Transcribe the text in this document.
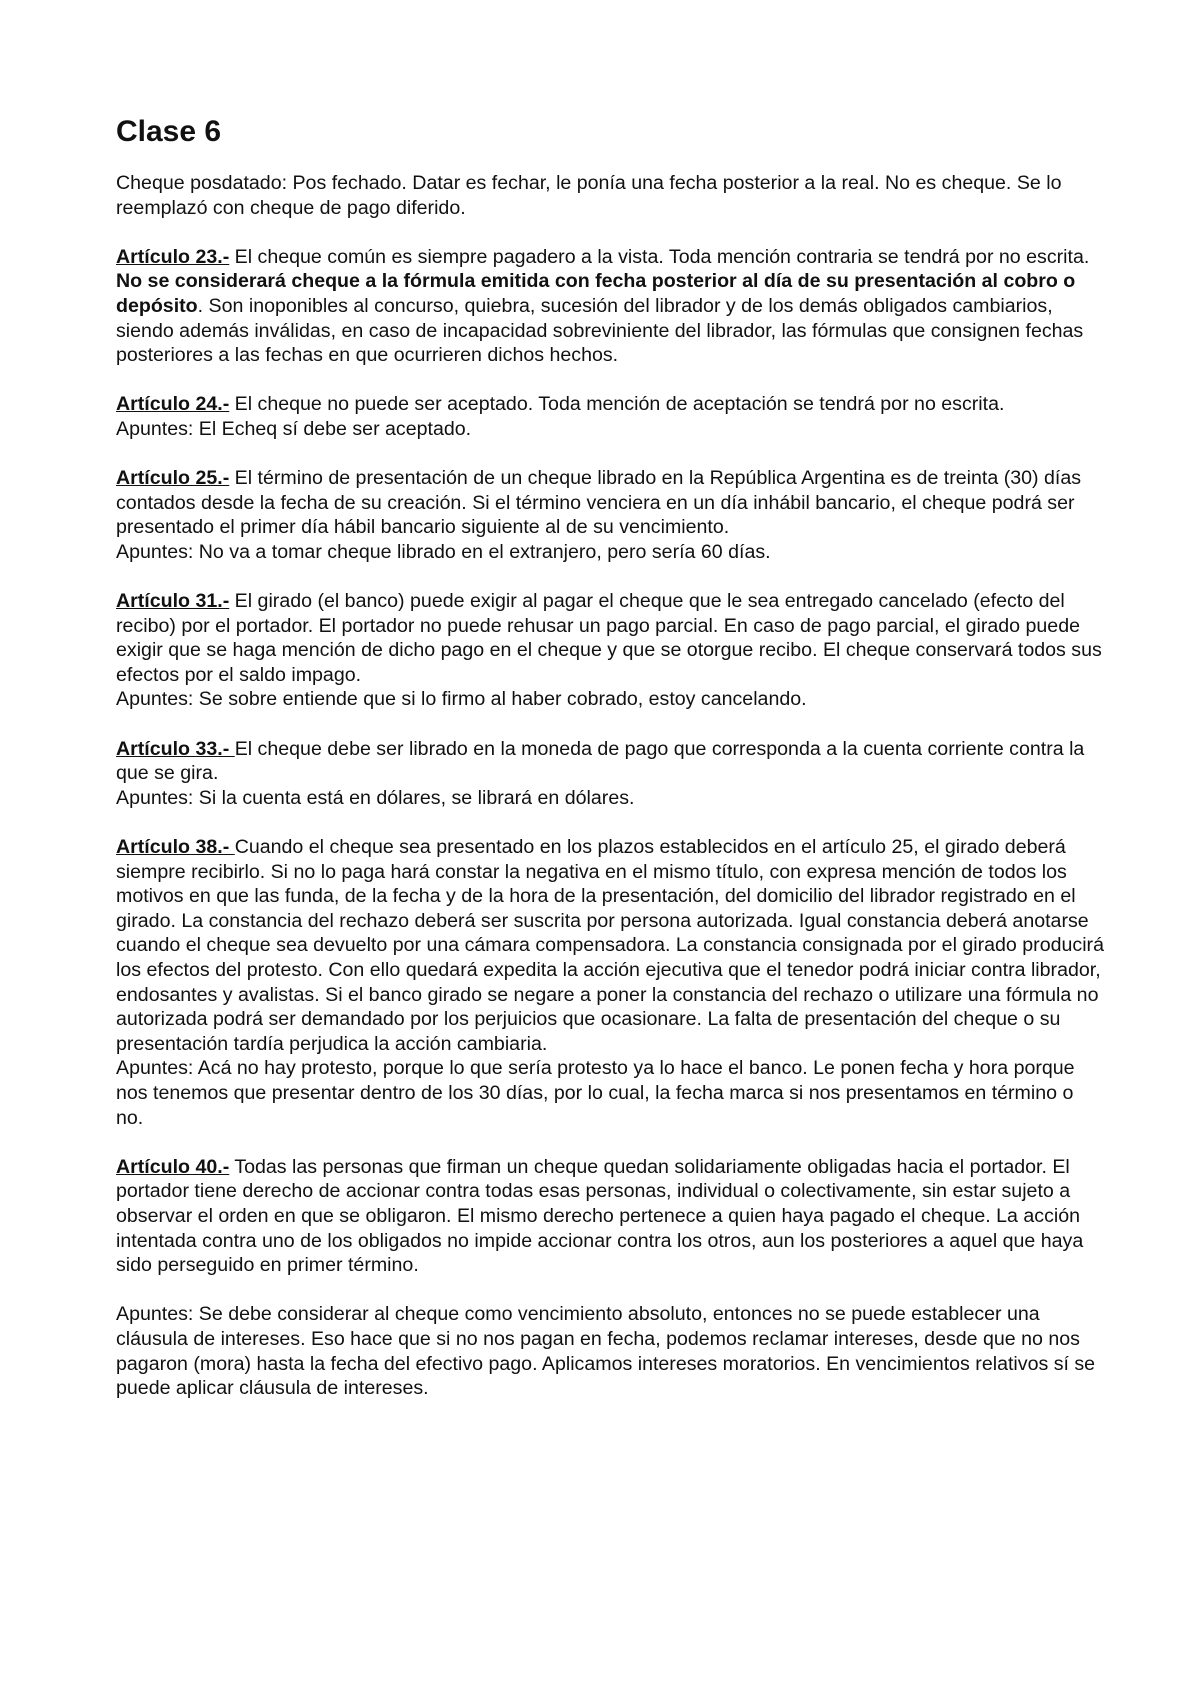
Clase 6

Cheque posdatado: Pos fechado. Datar es fechar, le ponía una fecha posterior a la real. No es cheque. Se lo reemplazó con cheque de pago diferido.

Artículo 23.- El cheque común es siempre pagadero a la vista. Toda mención contraria se tendrá por no escrita. No se considerará cheque a la fórmula emitida con fecha posterior al día de su presentación al cobro o depósito. Son inoponibles al concurso, quiebra, sucesión del librador y de los demás obligados cambiarios, siendo además inválidas, en caso de incapacidad sobreviniente del librador, las fórmulas que consignen fechas posteriores a las fechas en que ocurrieren dichos hechos.

Artículo 24.- El cheque no puede ser aceptado. Toda mención de aceptación se tendrá por no escrita.
Apuntes: El Echeq sí debe ser aceptado.

Artículo 25.- El término de presentación de un cheque librado en la República Argentina es de treinta (30) días contados desde la fecha de su creación. Si el término venciera en un día inhábil bancario, el cheque podrá ser presentado el primer día hábil bancario siguiente al de su vencimiento.
Apuntes: No va a tomar cheque librado en el extranjero, pero sería 60 días.

Artículo 31.- El girado (el banco) puede exigir al pagar el cheque que le sea entregado cancelado (efecto del recibo) por el portador. El portador no puede rehusar un pago parcial. En caso de pago parcial, el girado puede exigir que se haga mención de dicho pago en el cheque y que se otorgue recibo. El cheque conservará todos sus efectos por el saldo impago.
Apuntes: Se sobre entiende que si lo firmo al haber cobrado, estoy cancelando.

Artículo 33.- El cheque debe ser librado en la moneda de pago que corresponda a la cuenta corriente contra la que se gira.
Apuntes: Si la cuenta está en dólares, se librará en dólares.

Artículo 38.- Cuando el cheque sea presentado en los plazos establecidos en el artículo 25, el girado deberá siempre recibirlo. Si no lo paga hará constar la negativa en el mismo título, con expresa mención de todos los motivos en que las funda, de la fecha y de la hora de la presentación, del domicilio del librador registrado en el girado. La constancia del rechazo deberá ser suscrita por persona autorizada. Igual constancia deberá anotarse cuando el cheque sea devuelto por una cámara compensadora. La constancia consignada por el girado producirá los efectos del protesto. Con ello quedará expedita la acción ejecutiva que el tenedor podrá iniciar contra librador, endosantes y avalistas. Si el banco girado se negare a poner la constancia del rechazo o utilizare una fórmula no autorizada podrá ser demandado por los perjuicios que ocasionare. La falta de presentación del cheque o su presentación tardía perjudica la acción cambiaria.
Apuntes: Acá no hay protesto, porque lo que sería protesto ya lo hace el banco. Le ponen fecha y hora porque nos tenemos que presentar dentro de los 30 días, por lo cual, la fecha marca si nos presentamos en término o no.

Artículo 40.- Todas las personas que firman un cheque quedan solidariamente obligadas hacia el portador. El portador tiene derecho de accionar contra todas esas personas, individual o colectivamente, sin estar sujeto a observar el orden en que se obligaron. El mismo derecho pertenece a quien haya pagado el cheque. La acción intentada contra uno de los obligados no impide accionar contra los otros, aun los posteriores a aquel que haya sido perseguido en primer término.

Apuntes: Se debe considerar al cheque como vencimiento absoluto, entonces no se puede establecer una cláusula de intereses. Eso hace que si no nos pagan en fecha, podemos reclamar intereses, desde que no nos pagaron (mora) hasta la fecha del efectivo pago. Aplicamos intereses moratorios. En vencimientos relativos sí se puede aplicar cláusula de intereses.
